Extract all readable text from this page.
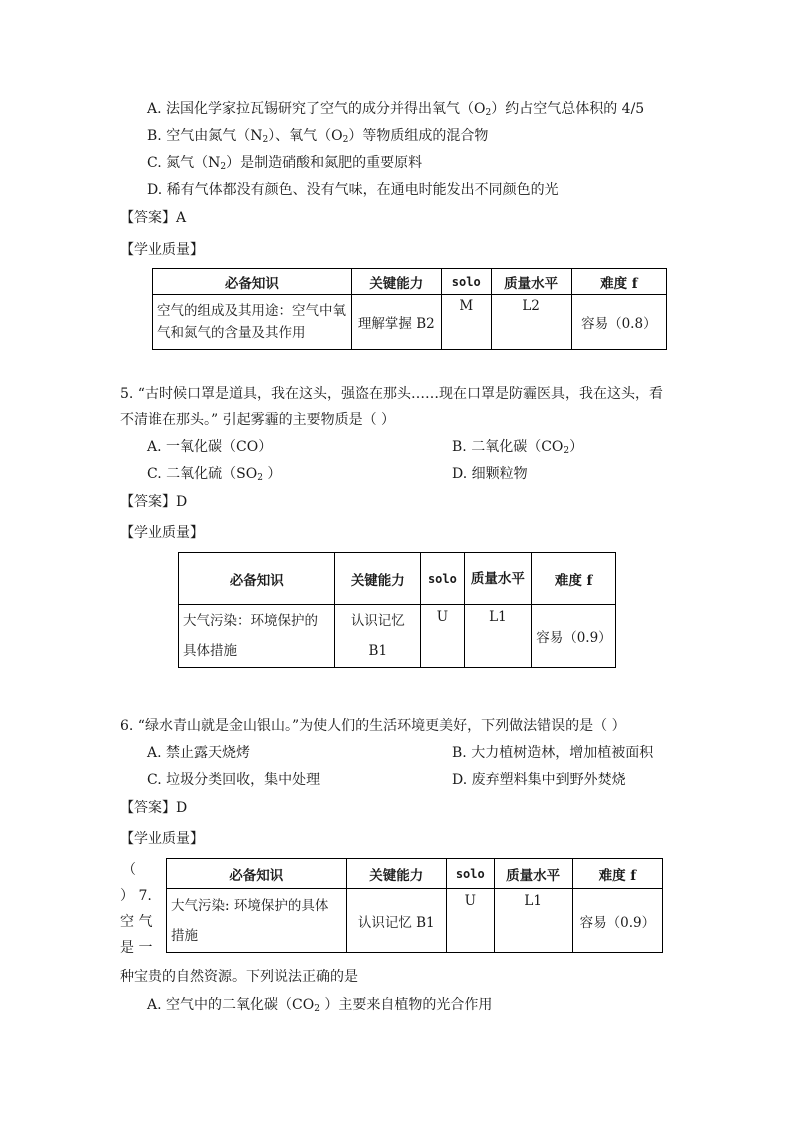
A. 法国化学家拉瓦锡研究了空气的成分并得出氧气$(O_2)$约占空气总体积的 4/5
B. 空气由氮气$(N_2)$、氧气$(O_2)$等物质组成的混合物
C. 氮气$(N_2)$是制造硝酸和氮肥的重要原料
D. 稀有气体都没有颜色、没有气味，在通电时能发出不同颜色的光
【答案】A
【学业质量】
必备知识	关键能力	solo	质量水平	难度 f
空气的组成及其用途：空气中氧气和氮气的含量及其作用	理解掌握 B2	M	L2	容易（0.8）
5. “古时候口罩是道具，我在这头，强盗在那头……现在口罩是防霾医具，我在这头，看
不清谁在那头。” 引起雾霾的主要物质是（ ）
A. 一氧化碳（CO）	B. 二氧化碳$(CO_2)$
C. 二氧化硫（$SO_2$ ）	D. 细颗粒物
【答案】D
【学业质量】
必备知识	关键能力	solo	质量水平	难度 f
大气污染：环境保护的具体措施	认识记忆 B1	U	L1	容易（0.9）
6. “绿水青山就是金山银山。”为使人们的生活环境更美好，下列做法错误的是（ ）
A. 禁止露天烧烤	B. 大力植树造林，增加植被面积
C. 垃圾分类回收，集中处理	D. 废弃塑料集中到野外焚烧
【答案】D
【学业质量】
必备知识	关键能力	solo	质量水平	难度 f
大气污染: 环境保护的具体措施	认识记忆 B1	U	L1	容易（0.9）
（
） 7.
空 气
是 一
种宝贵的自然资源。下列说法正确的是
A. 空气中的二氧化碳（$CO_2$ ）主要来自植物的光合作用
